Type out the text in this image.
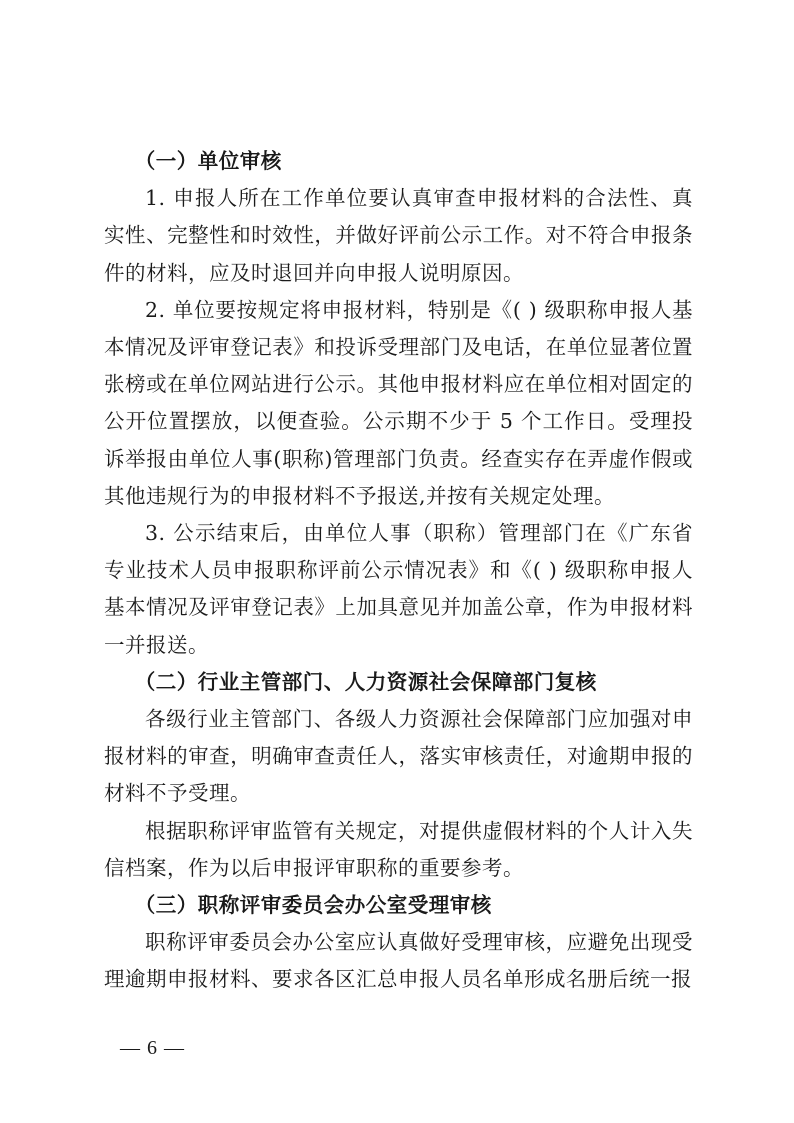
（一）单位审核

1. 申报人所在工作单位要认真审查申报材料的合法性、真实性、完整性和时效性，并做好评前公示工作。对不符合申报条件的材料，应及时退回并向申报人说明原因。

2. 单位要按规定将申报材料，特别是《( ) 级职称申报人基本情况及评审登记表》和投诉受理部门及电话，在单位显著位置张榜或在单位网站进行公示。其他申报材料应在单位相对固定的公开位置摆放，以便查验。公示期不少于 5 个工作日。受理投诉举报由单位人事(职称)管理部门负责。经查实存在弄虚作假或其他违规行为的申报材料不予报送,并按有关规定处理。

3. 公示结束后，由单位人事（职称）管理部门在《广东省专业技术人员申报职称评前公示情况表》和《( ) 级职称申报人基本情况及评审登记表》上加具意见并加盖公章，作为申报材料一并报送。

（二）行业主管部门、人力资源社会保障部门复核

各级行业主管部门、各级人力资源社会保障部门应加强对申报材料的审查，明确审查责任人，落实审核责任，对逾期申报的材料不予受理。

根据职称评审监管有关规定，对提供虚假材料的个人计入失信档案，作为以后申报评审职称的重要参考。

（三）职称评审委员会办公室受理审核

职称评审委员会办公室应认真做好受理审核，应避免出现受理逾期申报材料、要求各区汇总申报人员名单形成名册后统一报

— 6 —
